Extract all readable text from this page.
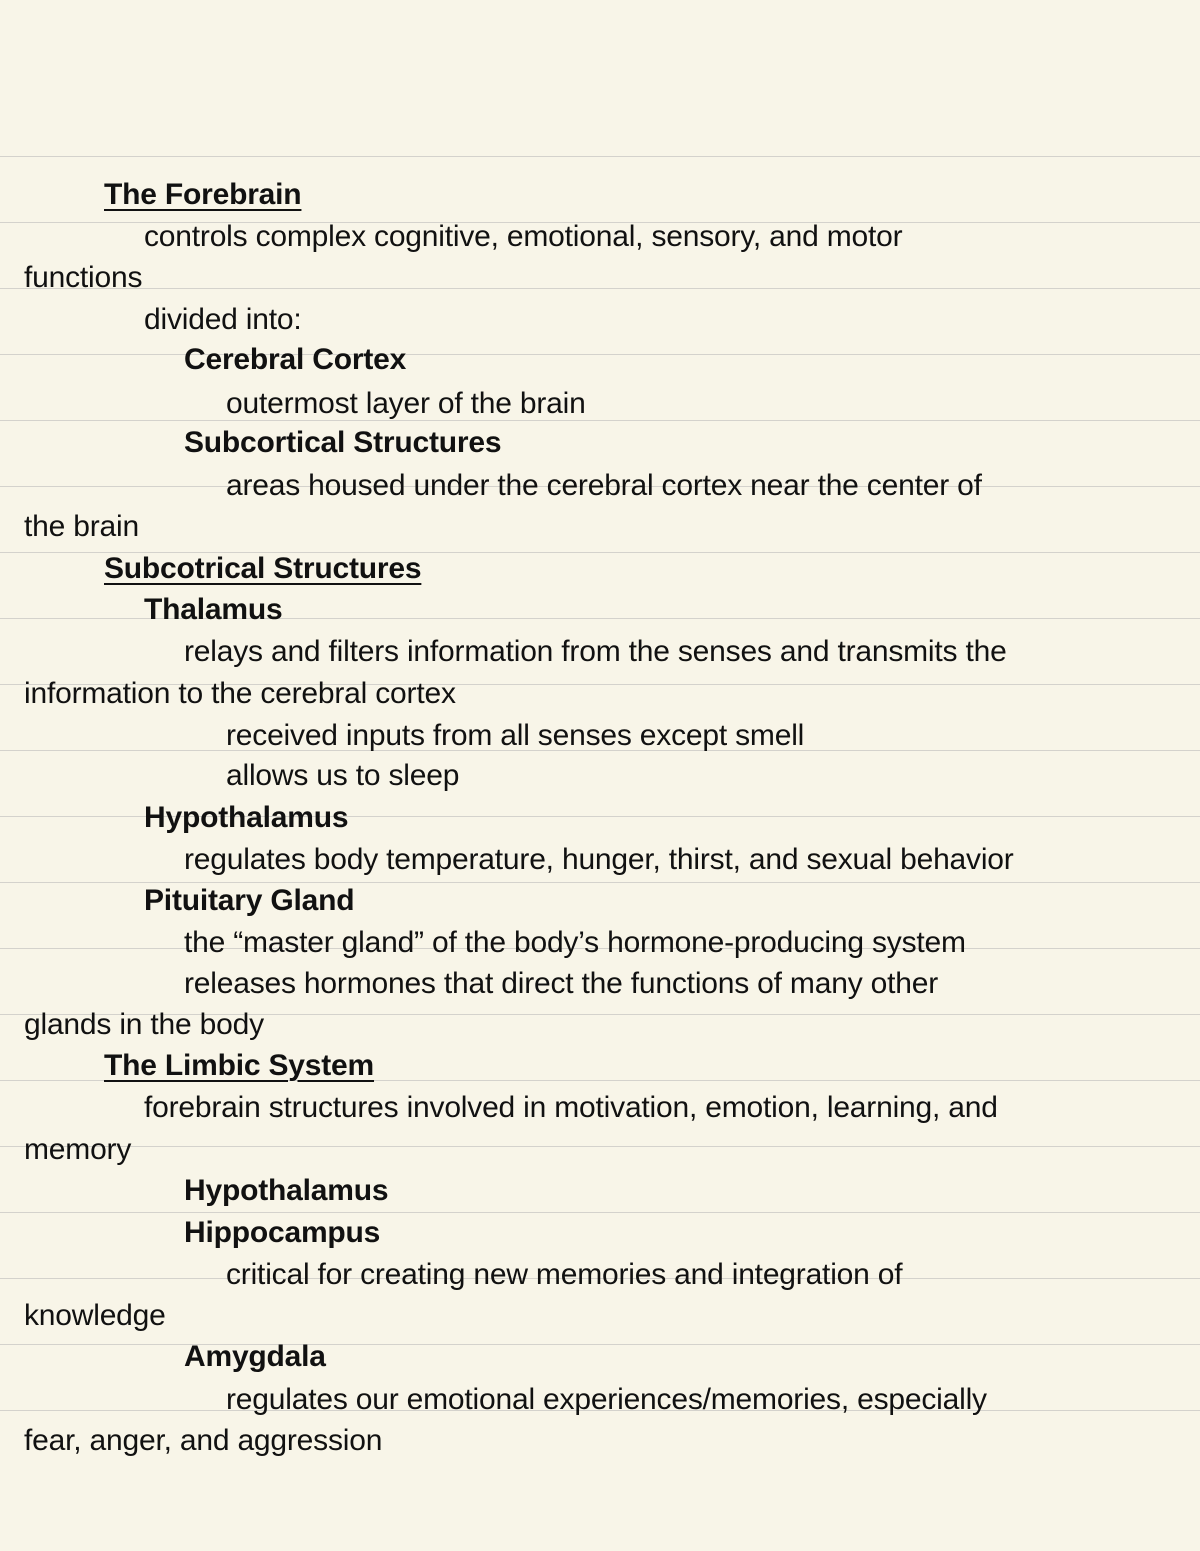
The Forebrain
controls complex cognitive, emotional, sensory, and motor
functions
divided into:
Cerebral Cortex
outermost layer of the brain
Subcortical Structures
areas housed under the cerebral cortex near the center of
the brain
Subcotrical Structures
Thalamus
relays and filters information from the senses and transmits the
information to the cerebral cortex
received inputs from all senses except smell
allows us to sleep
Hypothalamus
regulates body temperature, hunger, thirst, and sexual behavior
Pituitary Gland
the “master gland” of the body’s hormone-producing system
releases hormones that direct the functions of many other
glands in the body
The Limbic System
forebrain structures involved in motivation, emotion, learning, and
memory
Hypothalamus
Hippocampus
critical for creating new memories and integration of
knowledge
Amygdala
regulates our emotional experiences/memories, especially
fear, anger, and aggression
